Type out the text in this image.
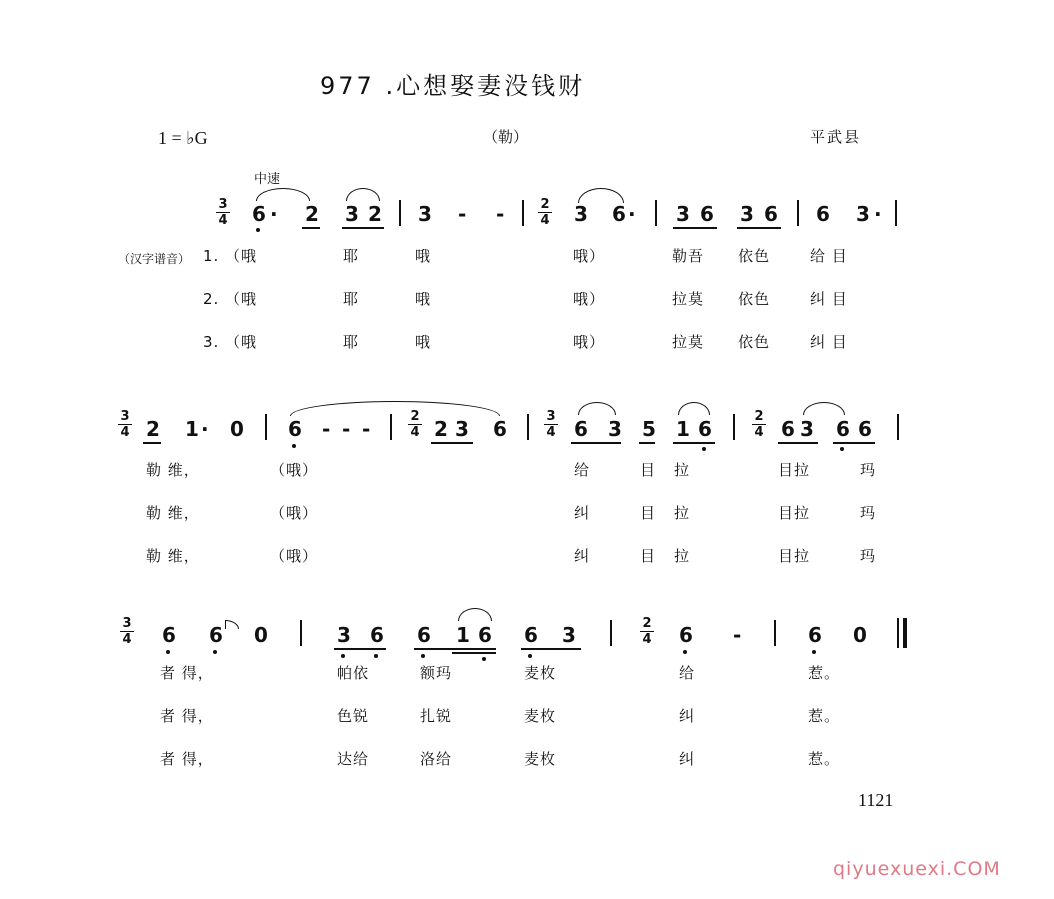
977 .心想娶妻没钱财
1 = ♭G	（勒）	平武县
中速
3
4 6 · 2 3 2 3 - -	2
4 3 6 · 3 6 3 6 6 3 ·
（汉字谱音） 1. （哦	耶	哦	哦）	勒吾 依色	给 目
2. （哦	耶	哦	哦）	拉莫 依色	纠 目
3. （哦	耶	哦	哦）	拉莫 依色	纠 目
3
4 2 1 · 0 6 - - -
2
4 2 3 6
3
4 6 3 5 1 6
2
4 6 3 6 6
勒 维，	（哦）	给	目 拉	目拉	玛
勒 维，	（哦）	纠	目 拉	目拉	玛
勒 维，	（哦）	纠	目 拉	目拉	玛
3
4 6 6 0	3 6 6 1 6 6 3	2
4 6 -	6 0
者 得，	帕依	额玛	麦枚	给	惹。
者 得，	色锐	扎锐	麦枚	纠	惹。
者 得，	达给	洛给	麦枚	纠	惹。
1121
qiyuexuexi.COM
